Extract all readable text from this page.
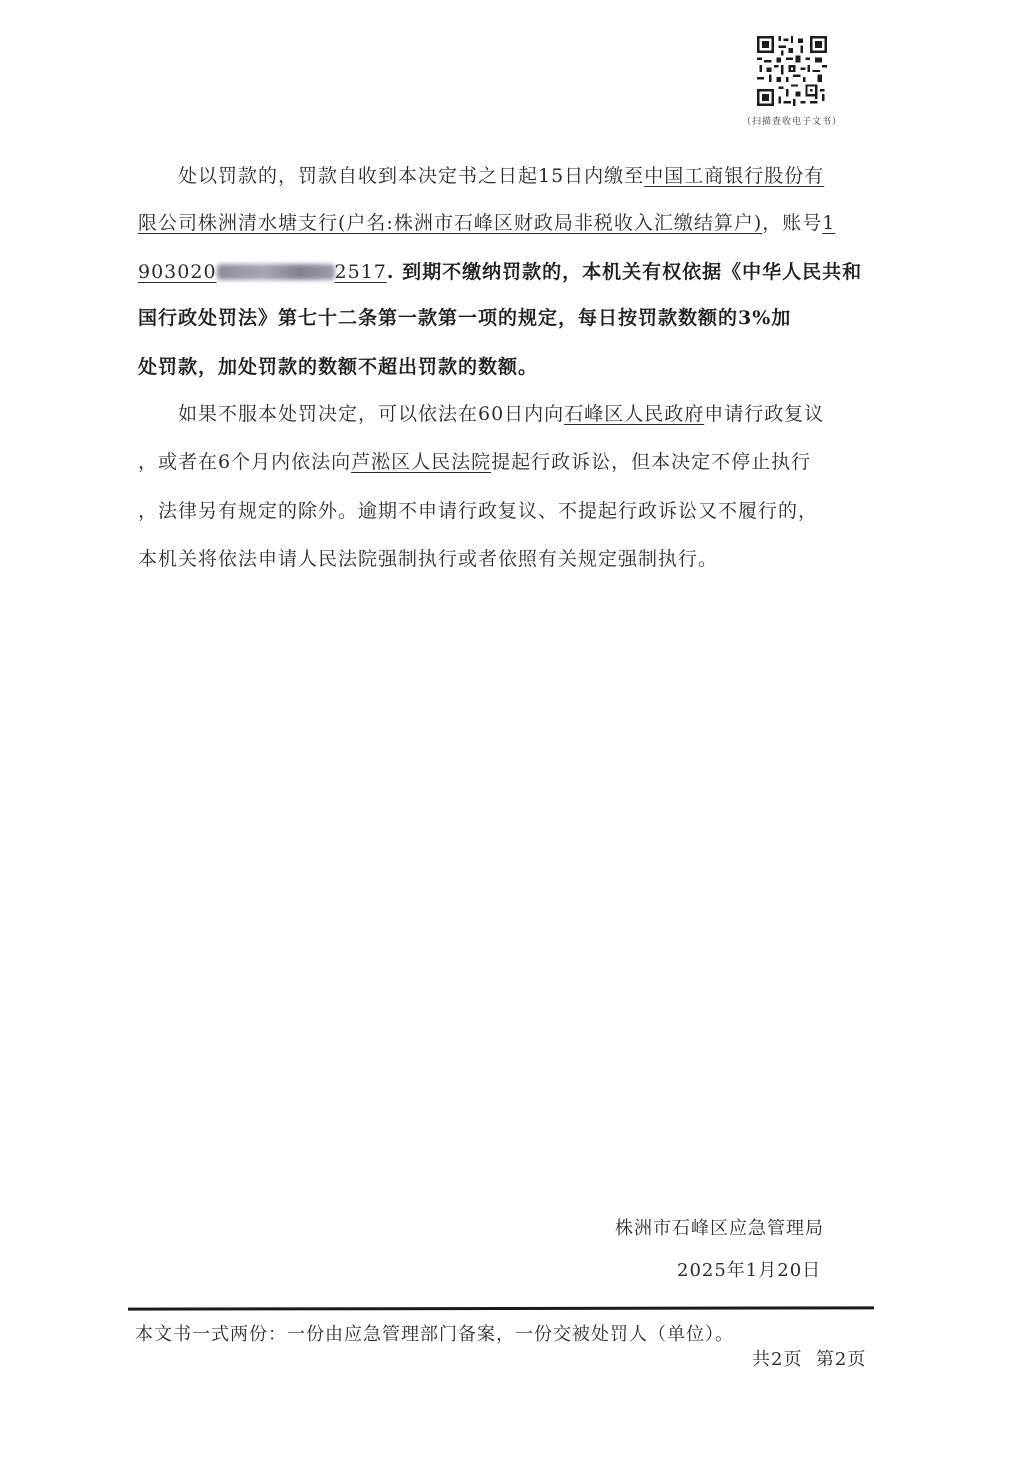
（扫描查收电子文书）
处以罚款的，罚款自收到本决定书之日起15日内缴至中国工商银行股份有
限公司株洲清水塘支行(户名:株洲市石峰区财政局非税收入汇缴结算户)，账号1
903020	2517. 到期不缴纳罚款的，本机关有权依据《中华人民共和
国行政处罚法》第七十二条第一款第一项的规定，每日按罚款数额的3%加
处罚款，加处罚款的数额不超出罚款的数额。
如果不服本处罚决定，可以依法在60日内向石峰区人民政府申请行政复议
，或者在6个月内依法向芦淞区人民法院提起行政诉讼，但本决定不停止执行
，法律另有规定的除外。逾期不申请行政复议、不提起行政诉讼又不履行的，
本机关将依法申请人民法院强制执行或者依照有关规定强制执行。
株洲市石峰区应急管理局
2025年1月20日
本文书一式两份：一份由应急管理部门备案，一份交被处罚人（单位）。
共2页  第2页
